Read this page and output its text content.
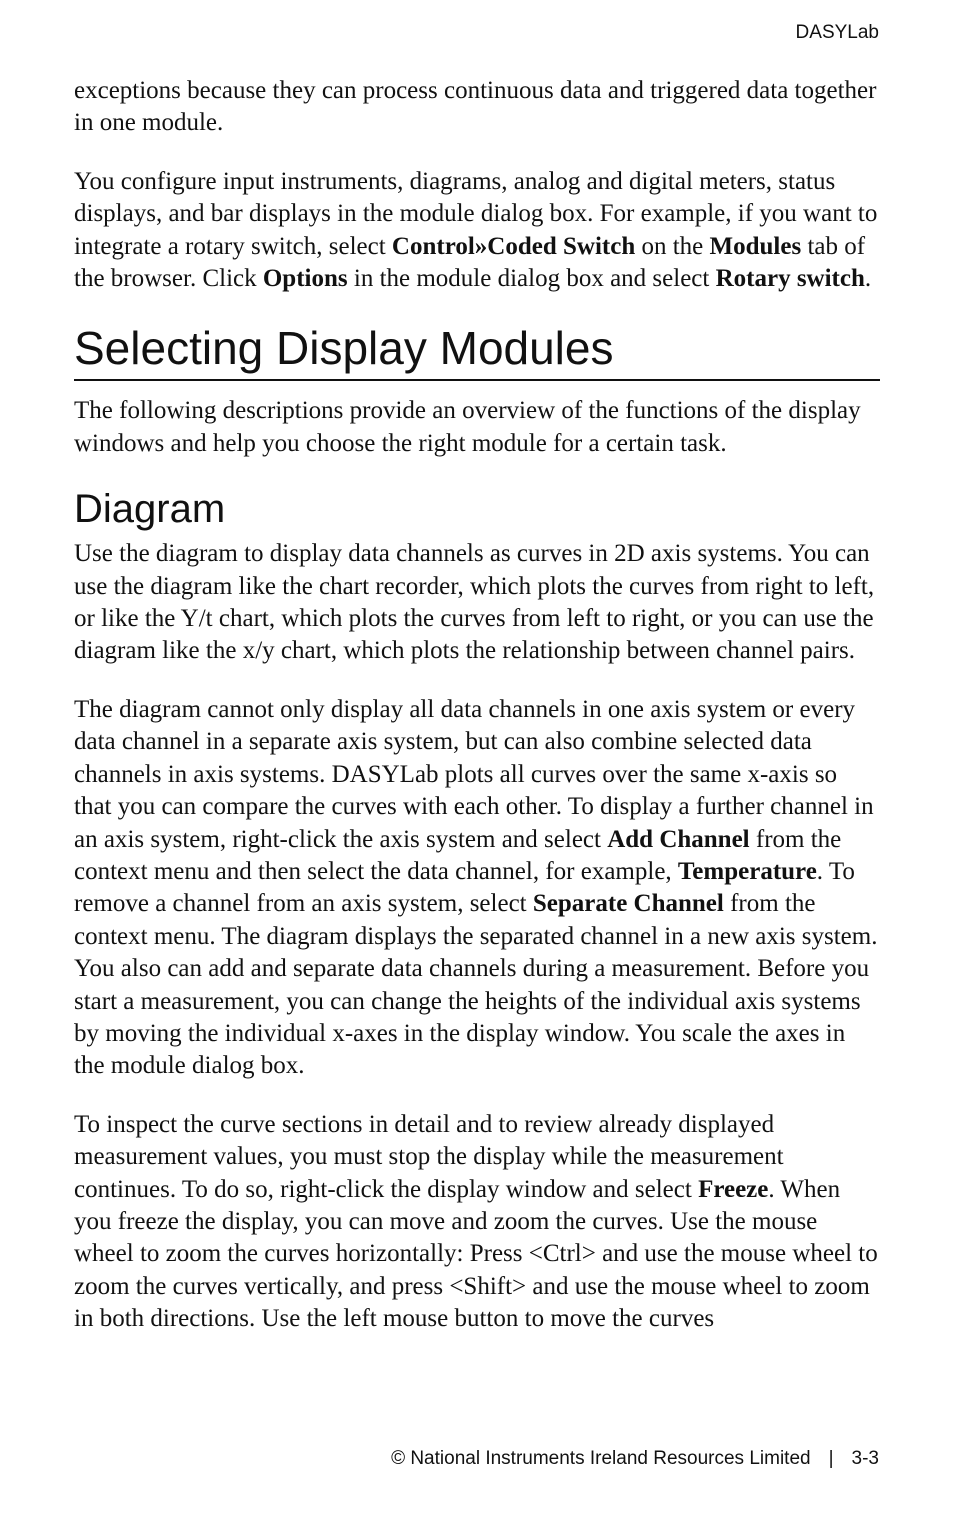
DASYLab

exceptions because they can process continuous data and triggered data together in one module.

You configure input instruments, diagrams, analog and digital meters, status displays, and bar displays in the module dialog box. For example, if you want to integrate a rotary switch, select Control»Coded Switch on the Modules tab of the browser. Click Options in the module dialog box and select Rotary switch.

Selecting Display Modules

The following descriptions provide an overview of the functions of the display windows and help you choose the right module for a certain task.

Diagram

Use the diagram to display data channels as curves in 2D axis systems. You can use the diagram like the chart recorder, which plots the curves from right to left, or like the Y/t chart, which plots the curves from left to right, or you can use the diagram like the x/y chart, which plots the relationship between channel pairs.

The diagram cannot only display all data channels in one axis system or every data channel in a separate axis system, but can also combine selected data channels in axis systems. DASYLab plots all curves over the same x-axis so that you can compare the curves with each other. To display a further channel in an axis system, right-click the axis system and select Add Channel from the context menu and then select the data channel, for example, Temperature. To remove a channel from an axis system, select Separate Channel from the context menu. The diagram displays the separated channel in a new axis system. You also can add and separate data channels during a measurement. Before you start a measurement, you can change the heights of the individual axis systems by moving the individual x-axes in the display window. You scale the axes in the module dialog box.

To inspect the curve sections in detail and to review already displayed measurement values, you must stop the display while the measurement continues. To do so, right-click the display window and select Freeze. When you freeze the display, you can move and zoom the curves. Use the mouse wheel to zoom the curves horizontally: Press <Ctrl> and use the mouse wheel to zoom the curves vertically, and press <Shift> and use the mouse wheel to zoom in both directions. Use the left mouse button to move the curves

© National Instruments Ireland Resources Limited | 3-3
